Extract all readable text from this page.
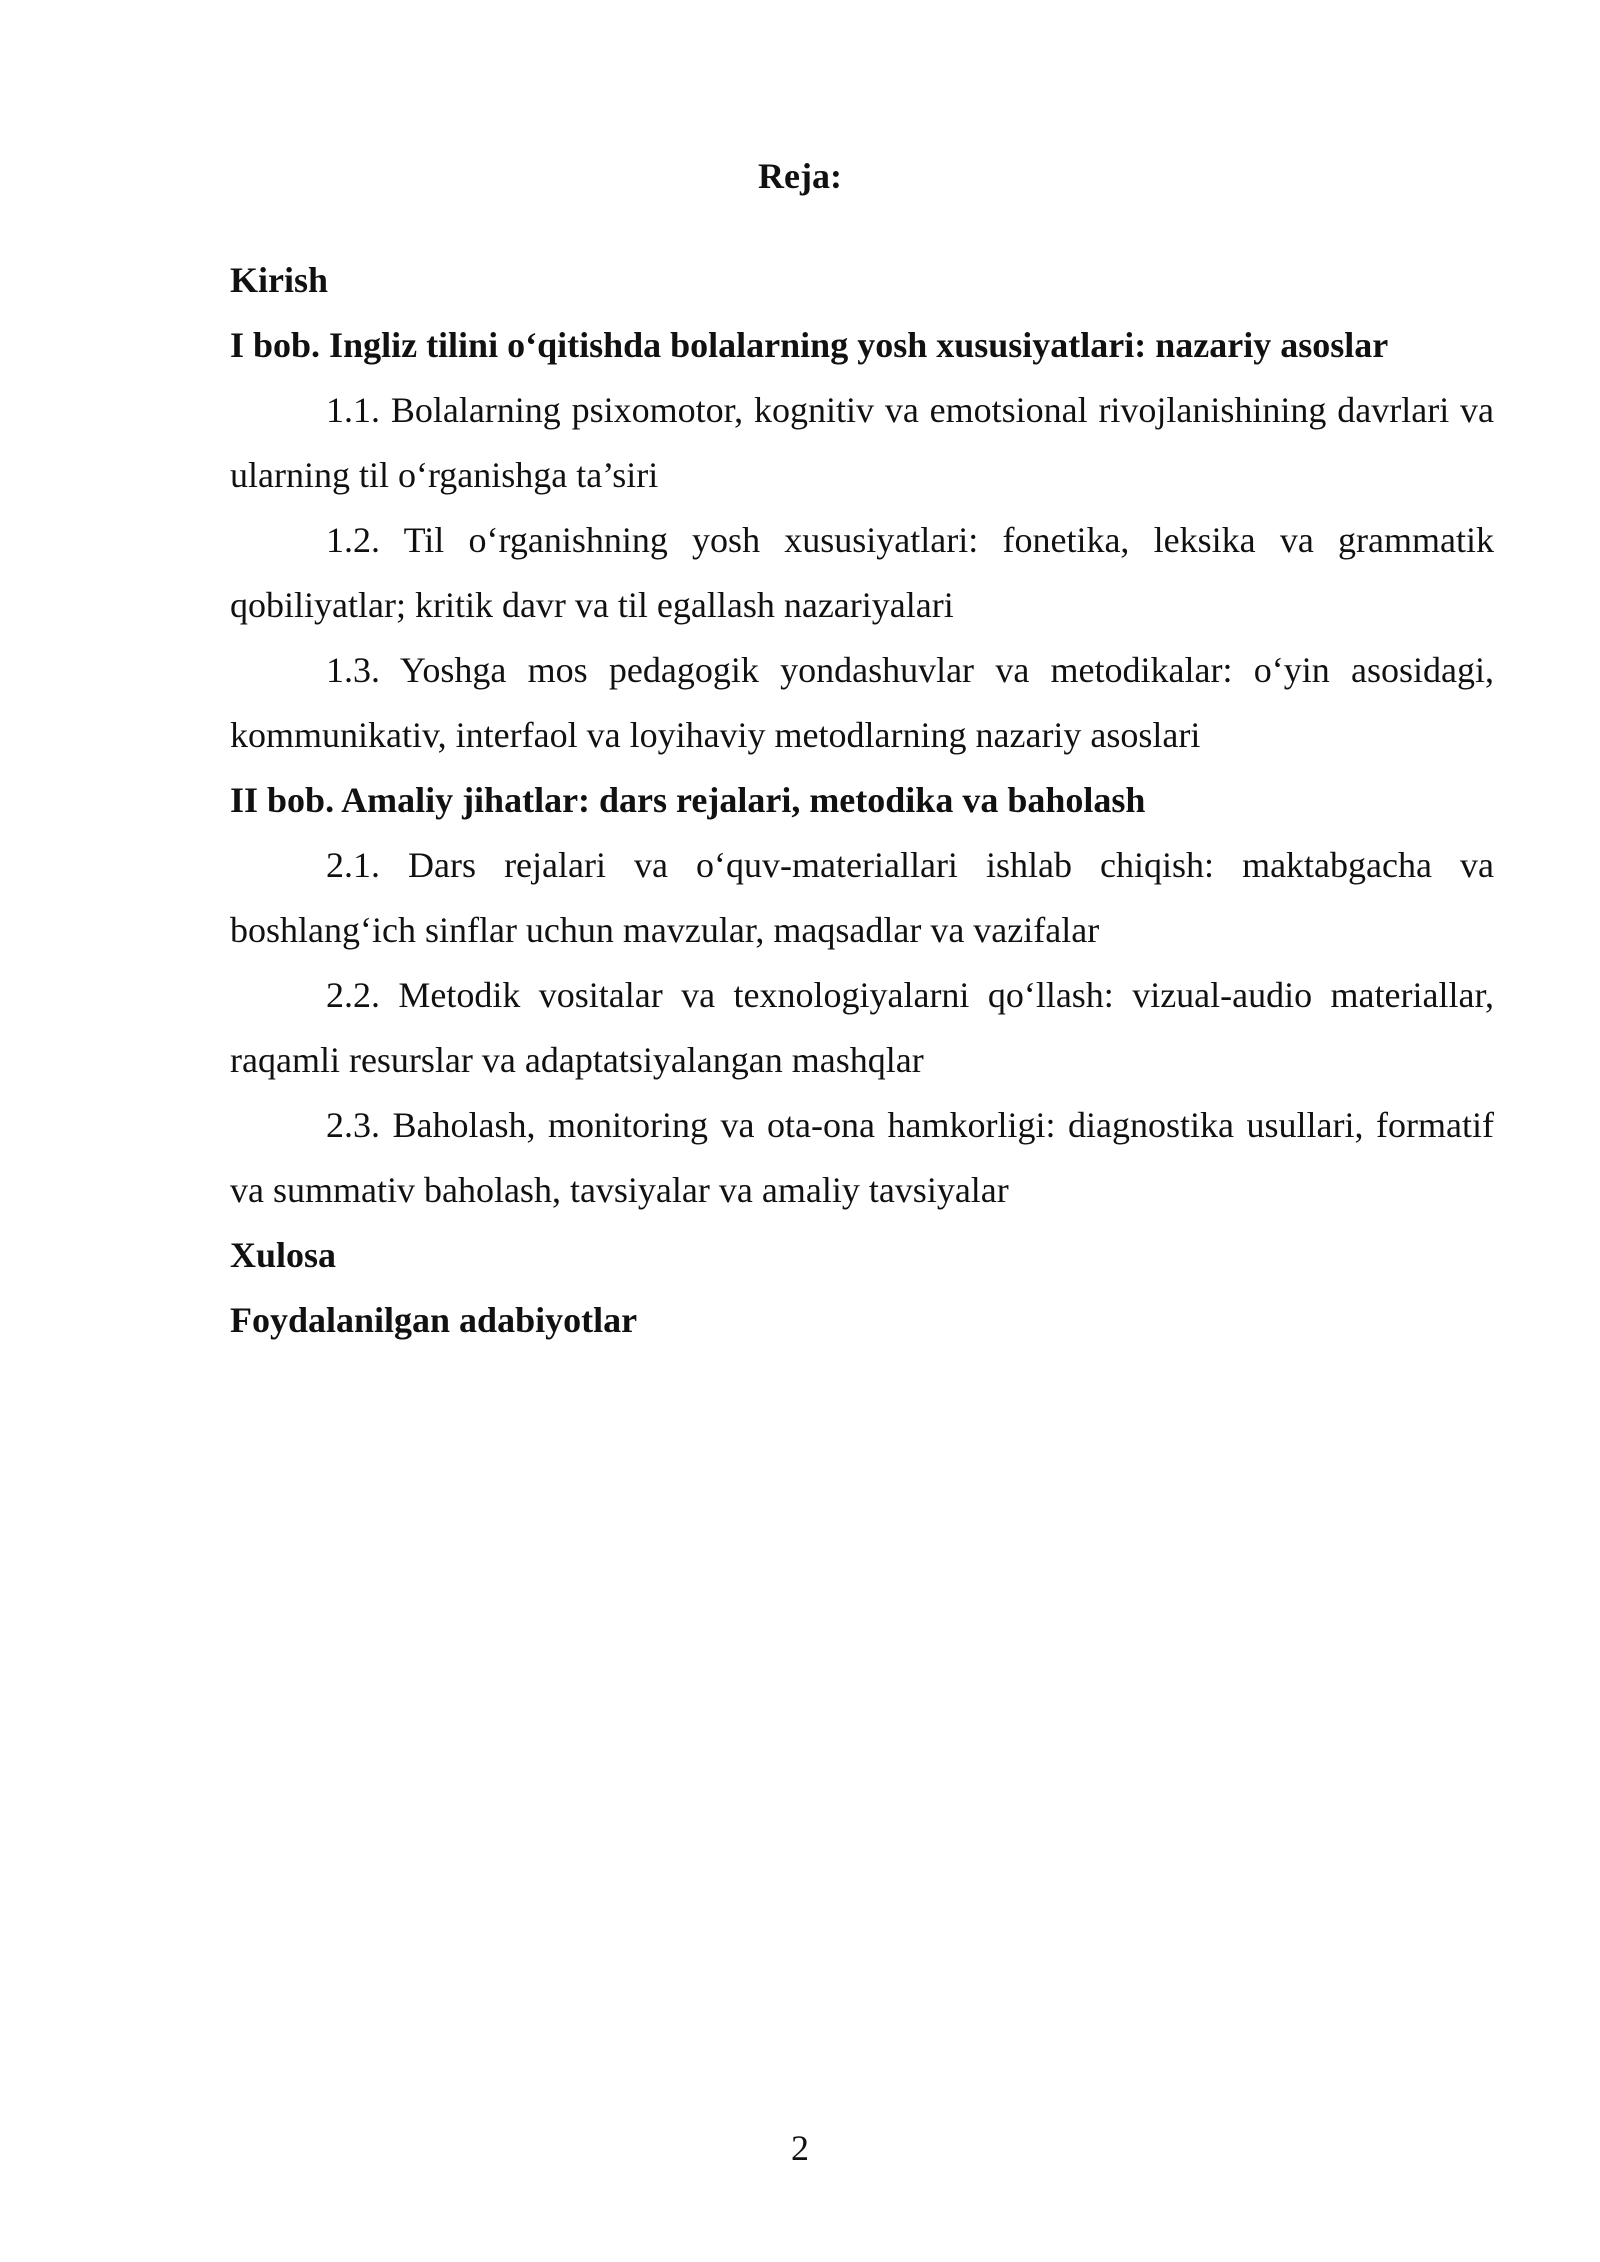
Reja:

Kirish

I bob. Ingliz tilini o‘qitishda bolalarning yosh xususiyatlari: nazariy asoslar

1.1. Bolalarning psixomotor, kognitiv va emotsional rivojlanishining davrlari va ularning til o‘rganishga ta’siri

1.2. Til o‘rganishning yosh xususiyatlari: fonetika, leksika va grammatik qobiliyatlar; kritik davr va til egallash nazariyalari

1.3. Yoshga mos pedagogik yondashuvlar va metodikalar: o‘yin asosidagi, kommunikativ, interfaol va loyihaviy metodlarning nazariy asoslari

II bob. Amaliy jihatlar: dars rejalari, metodika va baholash

2.1. Dars rejalari va o‘quv-materiallari ishlab chiqish: maktabgacha va boshlang‘ich sinflar uchun mavzular, maqsadlar va vazifalar

2.2. Metodik vositalar va texnologiyalarni qo‘llash: vizual-audio materiallar, raqamli resurslar va adaptatsiyalangan mashqlar

2.3. Baholash, monitoring va ota-ona hamkorligi: diagnostika usullari, formatif va summativ baholash, tavsiyalar va amaliy tavsiyalar

Xulosa

Foydalanilgan adabiyotlar

2
